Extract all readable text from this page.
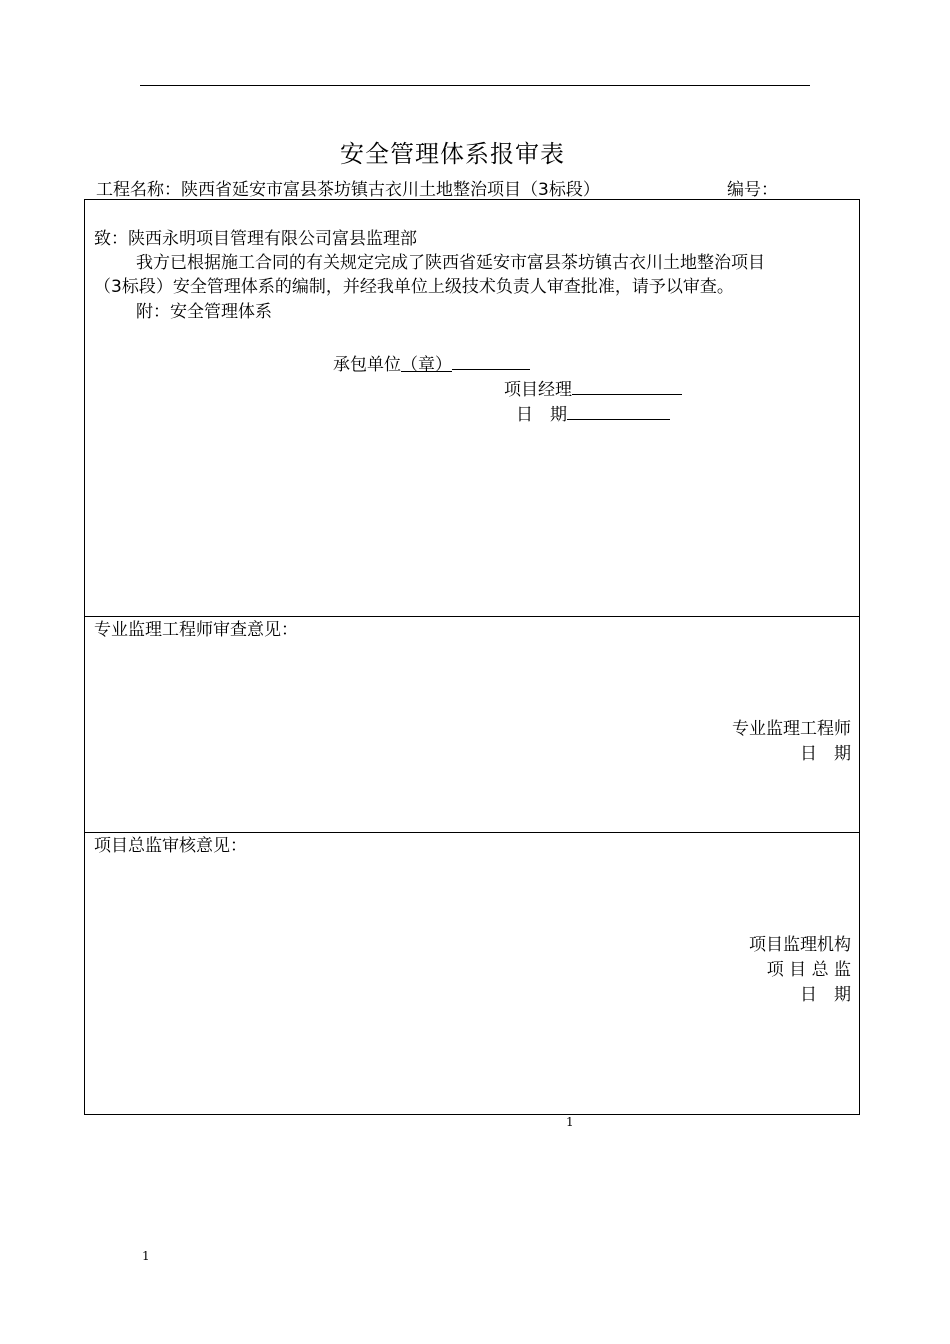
安全管理体系报审表
工程名称：陕西省延安市富县茶坊镇古衣川土地整治项目（3标段）	编号：
致：陕西永明项目管理有限公司富县监理部
我方已根据施工合同的有关规定完成了陕西省延安市富县茶坊镇古衣川土地整治项目
（3标段）安全管理体系的编制，并经我单位上级技术负责人审查批准，请予以审查。
附：安全管理体系
承包单位（章）
项目经理
日　期
专业监理工程师审查意见：
专业监理工程师
日　期
项目总监审核意见：
项目监理机构
项 目 总 监
日　期
1
1
